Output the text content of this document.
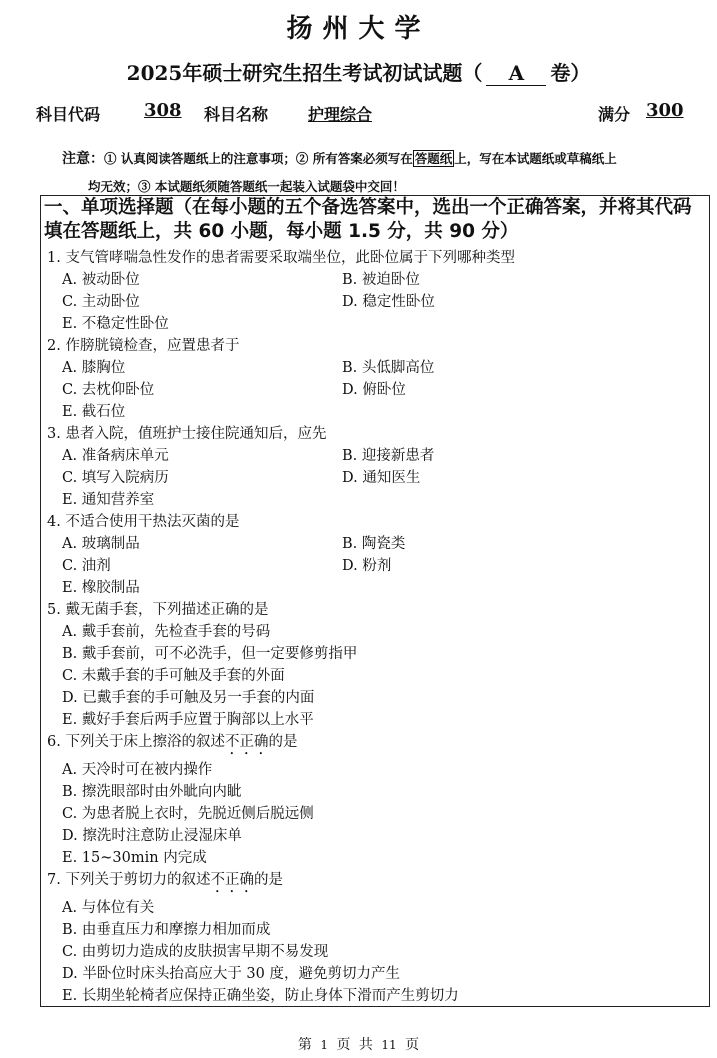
扬州大学
2025年硕士研究生招生考试初试试题（ A 卷）
科目代码 308 科目名称 护理综合	满分 300
注意：① 认真阅读答题纸上的注意事项；② 所有答案必须写在 答题纸 上，写在本试题纸或草稿纸上
均无效；③ 本试题纸须随答题纸一起装入试题袋中交回！
一、单项选择题（在每小题的五个备选答案中，选出一个正确答案，并将其代码填在答题纸上，共 60 小题，每小题 1.5 分，共 90 分）
1. 支气管哮喘急性发作的患者需要采取端坐位，此卧位属于下列哪种类型
A. 被动卧位	B. 被迫卧位
C. 主动卧位	D. 稳定性卧位
E. 不稳定性卧位
2. 作膀胱镜检查，应置患者于
A. 膝胸位	B. 头低脚高位
C. 去枕仰卧位	D. 俯卧位
E. 截石位
3. 患者入院，值班护士接住院通知后，应先
A. 准备病床单元	B. 迎接新患者
C. 填写入院病历	D. 通知医生
E. 通知营养室
4. 不适合使用干热法灭菌的是
A. 玻璃制品	B. 陶瓷类
C. 油剂	D. 粉剂
E. 橡胶制品
5. 戴无菌手套，下列描述正确的是
A. 戴手套前，先检查手套的号码
B. 戴手套前，可不必洗手，但一定要修剪指甲
C. 未戴手套的手可触及手套的外面
D. 已戴手套的手可触及另一手套的内面
E. 戴好手套后两手应置于胸部以上水平
6. 下列关于床上擦浴的叙述不正确的是
A. 天冷时可在被内操作
B. 擦洗眼部时由外眦向内眦
C. 为患者脱上衣时，先脱近侧后脱远侧
D. 擦洗时注意防止浸湿床单
E. 15~30min 内完成
7. 下列关于剪切力的叙述不正确的是
A. 与体位有关
B. 由垂直压力和摩擦力相加而成
C. 由剪切力造成的皮肤损害早期不易发现
D. 半卧位时床头抬高应大于 30 度，避免剪切力产生
E. 长期坐轮椅者应保持正确坐姿，防止身体下滑而产生剪切力
第 1 页 共 11 页
